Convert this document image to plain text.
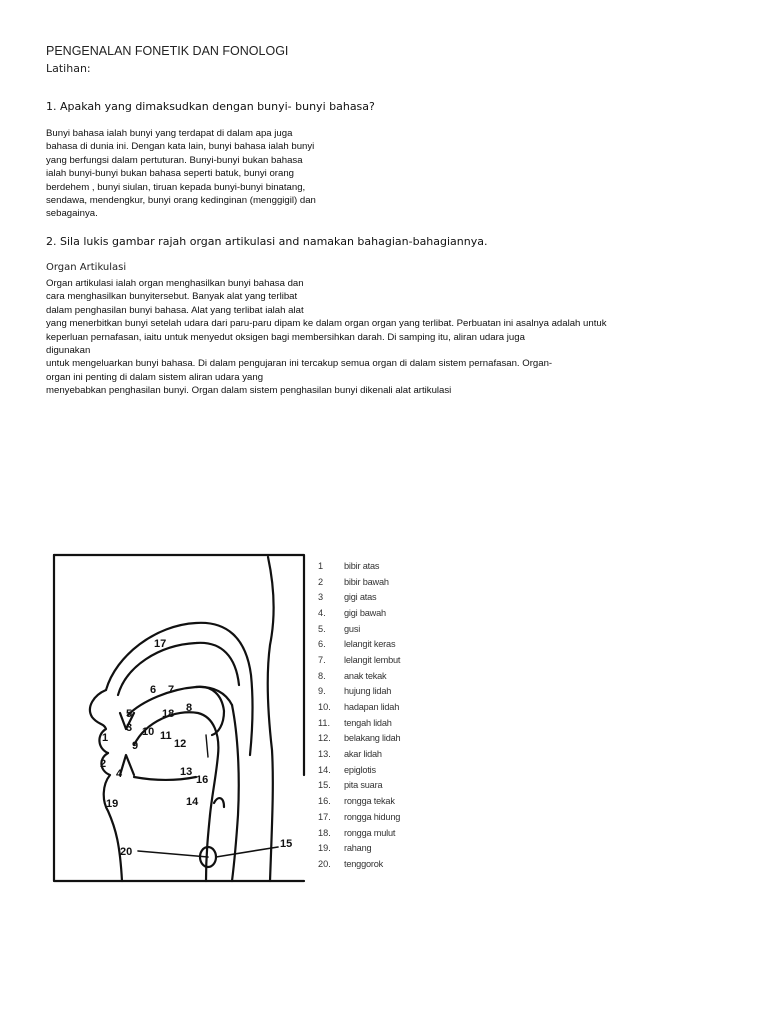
PENGENALAN FONETIK DAN FONOLOGI
Latihan:
1. Apakah yang dimaksudkan dengan bunyi- bunyi bahasa?
Bunyi bahasa ialah bunyi yang terdapat di dalam apa juga
bahasa di dunia ini. Dengan kata lain, bunyi bahasa ialah bunyi
yang berfungsi dalam pertuturan. Bunyi-bunyi bukan bahasa
ialah bunyi-bunyi bukan bahasa seperti batuk, bunyi orang
berdehem , bunyi siulan, tiruan kepada bunyi-bunyi binatang,
sendawa, mendengkur, bunyi orang kedinginan (menggigil) dan
sebagainya.
2. Sila lukis gambar rajah organ artikulasi and namakan bahagian-bahagiannya.
Organ Artikulasi
Organ artikulasi ialah organ menghasilkan bunyi bahasa dan
cara menghasilkan bunyitersebut. Banyak alat yang terlibat
dalam penghasilan bunyi bahasa. Alat yang terlibat ialah alat
yang menerbitkan bunyi setelah udara dari paru-paru dipam ke dalam organ organ yang terlibat. Perbuatan ini asalnya adalah untuk
keperluan pernafasan, iaitu untuk menyedut oksigen bagi membersihkan darah. Di samping itu, aliran udara juga
digunakan
untuk mengeluarkan bunyi bahasa. Di dalam pengujaran ini tercakup semua organ di dalam sistem pernafasan. Organ-
organ ini penting di dalam sistem aliran udara yang
menyebabkan penghasilan bunyi. Organ dalam sistem penghasilan bunyi dikenali alat artikulasi
17
6 7
8
18
5
3
1	10 11
12
9
2
4	13
16
14
19
20
15
1	bibir atas
2	bibir bawah
3	gigi atas
4.	gigi bawah
5.	gusi
6.	lelangit keras
7.	lelangit lembut
8.	anak tekak
9.	hujung lidah
10.	hadapan lidah
11.	tengah lidah
12.	belakang lidah
13.	akar lidah
14.	epiglotis
15.	pita suara
16.	rongga tekak
17.	rongga hidung
18.	rongga mulut
19.	rahang
20.	tenggorok
